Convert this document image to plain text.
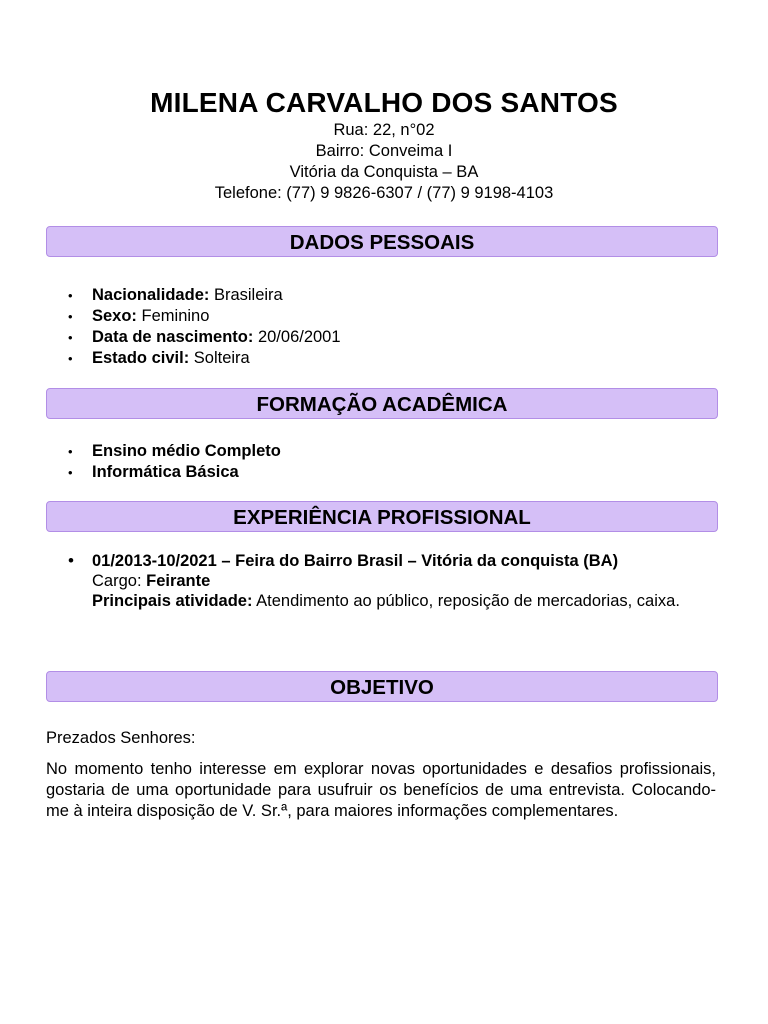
MILENA CARVALHO DOS SANTOS
Rua: 22, n°02
Bairro: Conveima I
Vitória da Conquista – BA
Telefone: (77) 9 9826-6307 / (77) 9 9198-4103
DADOS PESSOAIS
• Nacionalidade: Brasileira
• Sexo: Feminino
• Data de nascimento: 20/06/2001
• Estado civil: Solteira
FORMAÇÃO ACADÊMICA
• Ensino médio Completo
• Informática Básica
EXPERIÊNCIA PROFISSIONAL
• 01/2013-10/2021 – Feira do Bairro Brasil – Vitória da conquista (BA)
Cargo: Feirante
Principais atividade: Atendimento ao público, reposição de mercadorias, caixa.
OBJETIVO
Prezados Senhores:
No momento tenho interesse em explorar novas oportunidades e desafios profissionais, gostaria de uma oportunidade para usufruir os benefícios de uma entrevista. Colocando-me à inteira disposição de V. Sr.ª, para maiores informações complementares.
